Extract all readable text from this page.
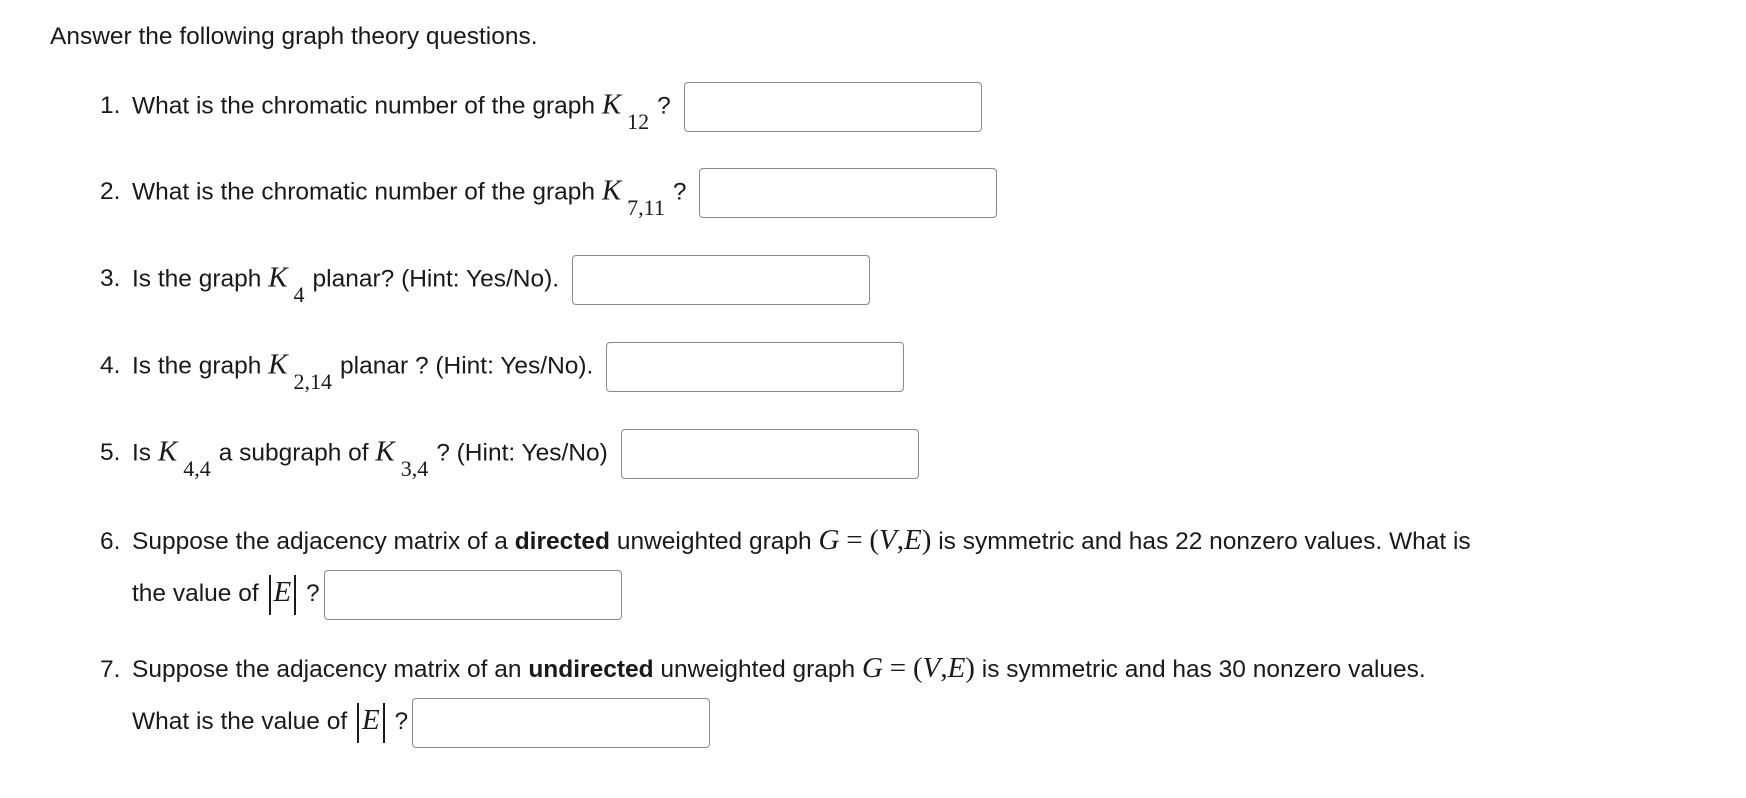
Answer the following graph theory questions.
1. What is the chromatic number of the graph K12?
2. What is the chromatic number of the graph K7,11?
3. Is the graph K4planar? (Hint: Yes/No).
4. Is the graph K2,14planar ? (Hint: Yes/No).
5. Is K4,4a subgraph of K3,4? (Hint: Yes/No)
6. Suppose the adjacency matrix of a directed unweighted graph G = (V,E) is symmetric and has 22 nonzero values. What is
the value of E ?
7. Suppose the adjacency matrix of an undirected unweighted graph G = (V,E) is symmetric and has 30 nonzero values.
What is the value of E ?
